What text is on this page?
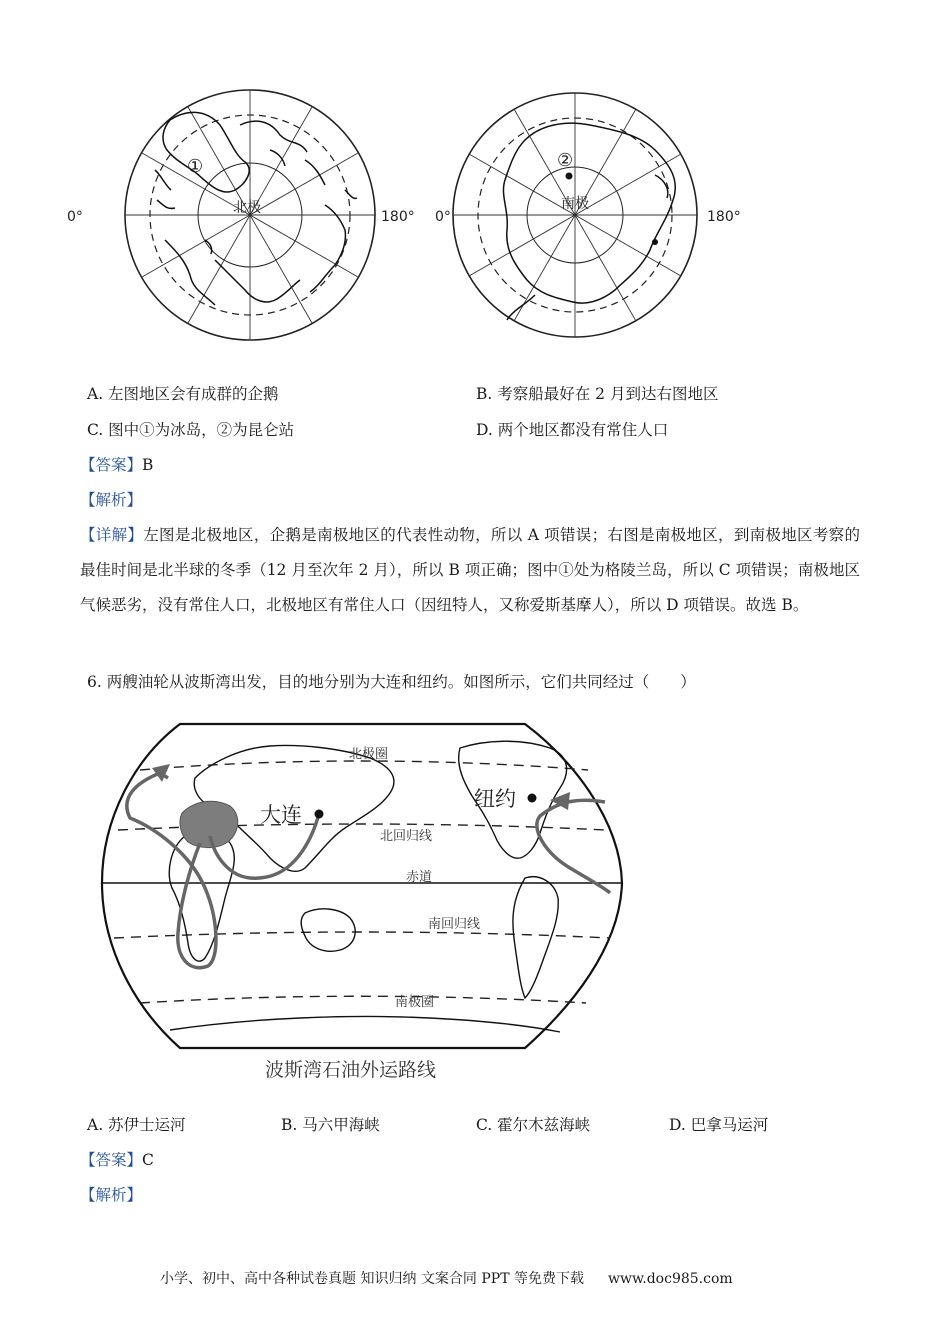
0°	180°
北极
①
0°	180°
南极
②
A. 左图地区会有成群的企鹅	B. 考察船最好在 2 月到达右图地区
C. 图中①为冰岛，②为昆仑站	D. 两个地区都没有常住人口
【答案】B
【解析】
【详解】左图是北极地区，企鹅是南极地区的代表性动物，所以 A 项错误；右图是南极地区，到南极地区考察的最佳时间是北半球的冬季（12 月至次年 2 月），所以 B 项正确；图中①处为格陵兰岛，所以 C 项错误；南极地区气候恶劣，没有常住人口，北极地区有常住人口（因纽特人，又称爱斯基摩人），所以 D 项错误。故选 B。
6. 两艘油轮从波斯湾出发，目的地分别为大连和纽约。如图所示，它们共同经过（　　）
北极圈
北回归线
赤道
南回归线
南极圈
大连
纽约
波斯湾石油外运路线
A. 苏伊士运河	B. 马六甲海峡	C. 霍尔木兹海峡	D. 巴拿马运河
【答案】C
【解析】
小学、初中、高中各种试卷真题 知识归纳 文案合同 PPT 等免费下载 www.doc985.com
